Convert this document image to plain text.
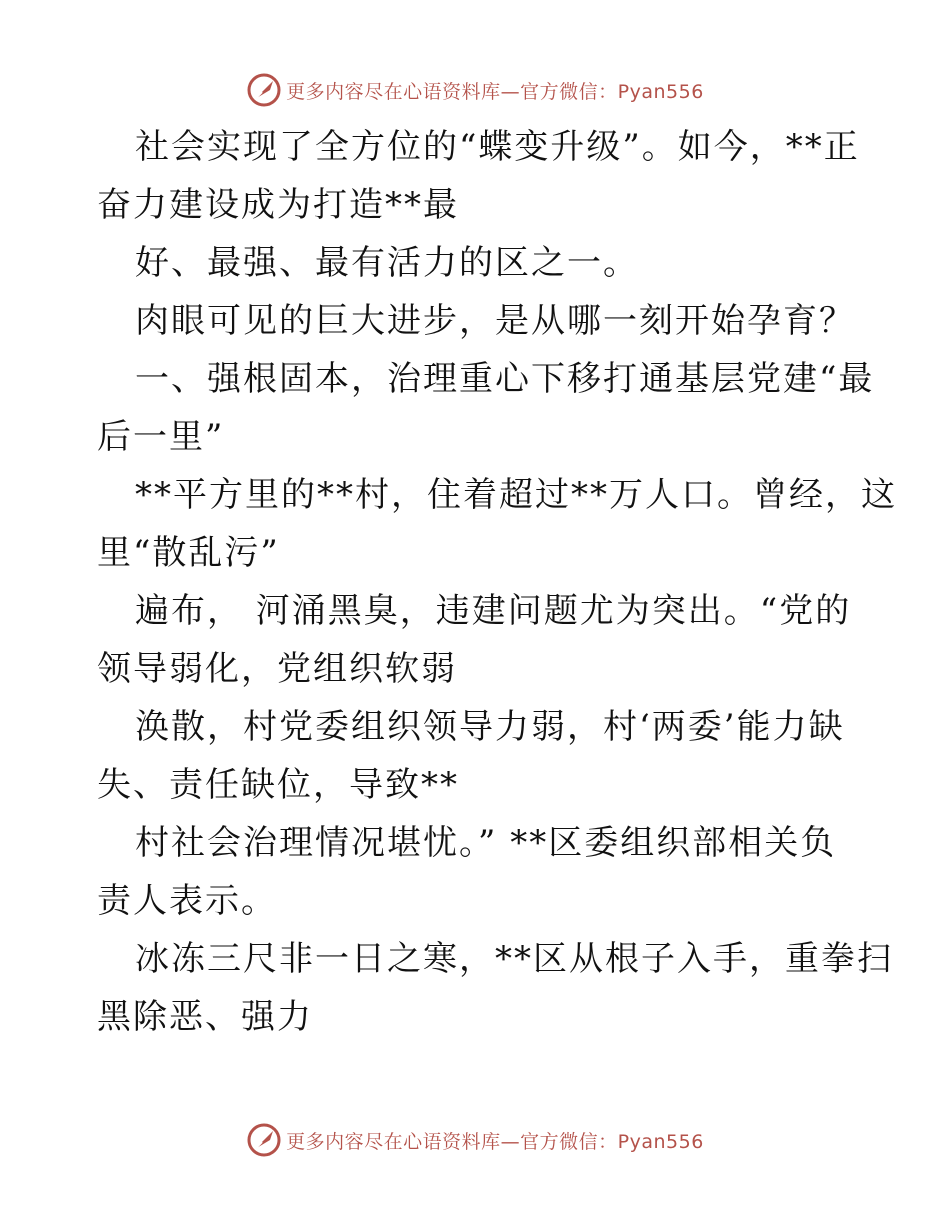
更多内容尽在心语资料库—官方微信：Pyan556
社会实现了全方位的“蝶变升级”。如今，**正
奋力建设成为打造**最
好、最强、最有活力的区之一。
肉眼可见的巨大进步，是从哪一刻开始孕育？
一、强根固本，治理重心下移打通基层党建“最
后一里”
**平方里的**村，住着超过**万人口。曾经，这
里“散乱污”
遍布， 河涌黑臭，违建问题尤为突出。“党的
领导弱化，党组织软弱
涣散，村党委组织领导力弱，村‘两委’能力缺
失、责任缺位，导致**
村社会治理情况堪忧。” **区委组织部相关负
责人表示。
冰冻三尺非一日之寒，**区从根子入手，重拳扫
黑除恶、强力
更多内容尽在心语资料库—官方微信：Pyan556
